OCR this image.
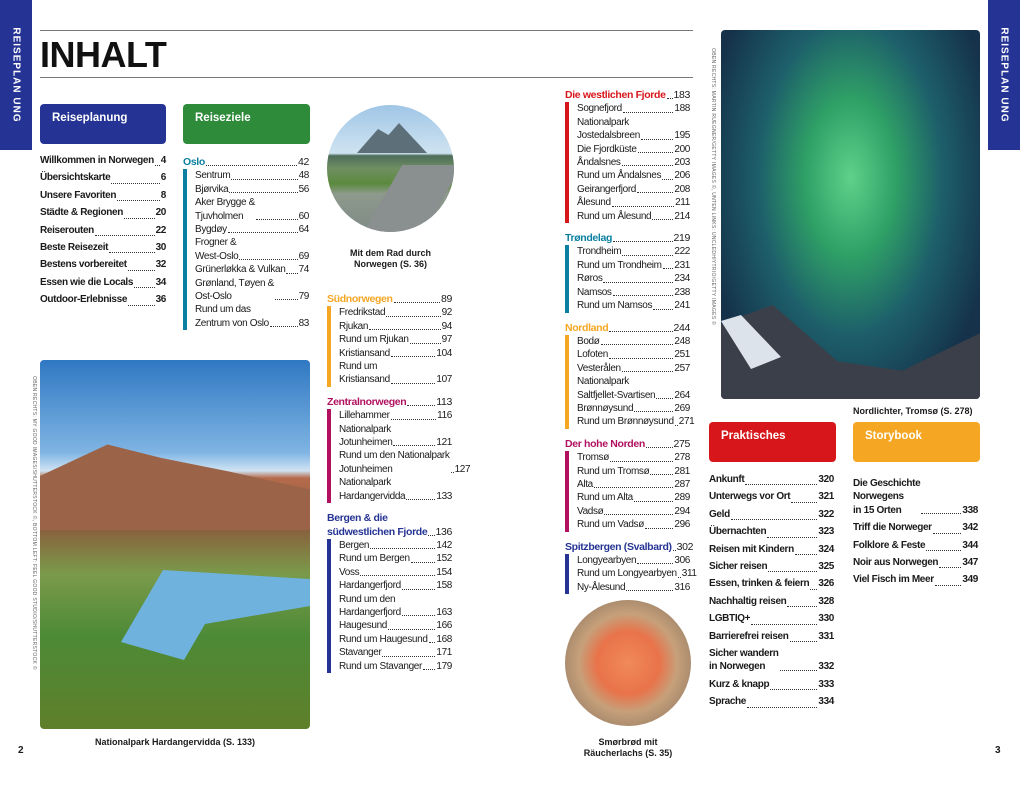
REISEPLAN UNG	REISEPLAN UNG
INHALT
Reiseplanung	Reiseziele
Praktisches	Storybook
Willkommen in Norwegen 4
Übersichtskarte	6
Unsere Favoriten	8
Städte & Regionen	20
Reiserouten	22
Beste Reisezeit	30
Bestens vorbereitet	32
Essen wie die Locals 34
Outdoor-Erlebnisse	36
Oslo	42
Sentrum	48
Bjørvika	56
Aker Brygge &
Tjuvholmen	60
Bygdøy	64
Frogner &
West-Oslo	69
Grünerløkka & Vulkan 74
Grønland, Tøyen &
Ost-Oslo	79
Rund um das
Zentrum von Oslo	83
Südnorwegen	89
Fredrikstad	92
Rjukan	94
Rund um Rjukan	97
Kristiansand	104
Rund um
Kristiansand	107
Zentralnorwegen	113
Lillehammer	116
Nationalpark
Jotunheimen	121
Rund um den Nationalpark
Jotunheimen	127
Nationalpark
Hardangervidda	133
Bergen & die
südwestlichen Fjorde 136
Bergen	142
Rund um Bergen	152
Voss	154
Hardangerfjord	158
Rund um den
Hardangerfjord	163
Haugesund	166
Rund um Haugesund 168
Stavanger	171
Rund um Stavanger 179
Die westlichen Fjorde 183
Sognefjord	188
Nationalpark
Jostedalsbreen	195
Die Fjordküste	200
Åndalsnes	203
Rund um Åndalsnes 206
Geirangerfjord	208
Ålesund	211
Rund um Ålesund 214
Trøndelag	219
Trondheim	222
Rund um Trondheim 231
Røros	234
Namsos	238
Rund um Namsos 241
Nordland	244
Bodø	248
Lofoten	251
Vesterålen	257
Nationalpark
Saltfjellet-Svartisen 264
Brønnøysund	269
Rund um Brønnøysund 271
Der hohe Norden	275
Tromsø	278
Rund um Tromsø	281
Alta	287
Rund um Alta	289
Vadsø	294
Rund um Vadsø	296
Spitzbergen (Svalbard) 302
Longyearbyen	306
Rund um Longyearbyen 311
Ny-Ålesund	316
Ankunft	320
Unterwegs vor Ort	321
Geld	322
Übernachten	323
Reisen mit Kindern 324
Sicher reisen	325
Essen, trinken & feiern 326
Nachhaltig reisen	328
LGBTIQ+	330
Barrierefrei reisen	331
Sicher wandern
in Norwegen	332
Kurz & knapp	333
Sprache	334
Die Geschichte
Norwegens
in 15 Orten	338
Triff die Norweger	342
Folklore & Feste	344
Noir aus Norwegen 347
Viel Fisch im Meer	349
Mit dem Rad durch
Norwegen (S. 36)
Nationalpark Hardangervidda (S. 133)	Smørbrød mit
Räucherlachs (S. 35)
Nordlichter, Tromsø (S. 278)
OBEN RECHTS: MY GOOD IMAGES/SHUTTERSTOCK ©, BOTTOM LEFT: FEEL GOOD STUDIO/SHUTTERSTOCK ©
OBEN RECHTS: MARTIN RUEGNER/GETTY IMAGES ©, UNTEN LINKS: UNCLEDHIYTRIO/GETTY IMAGES ©
2	3
